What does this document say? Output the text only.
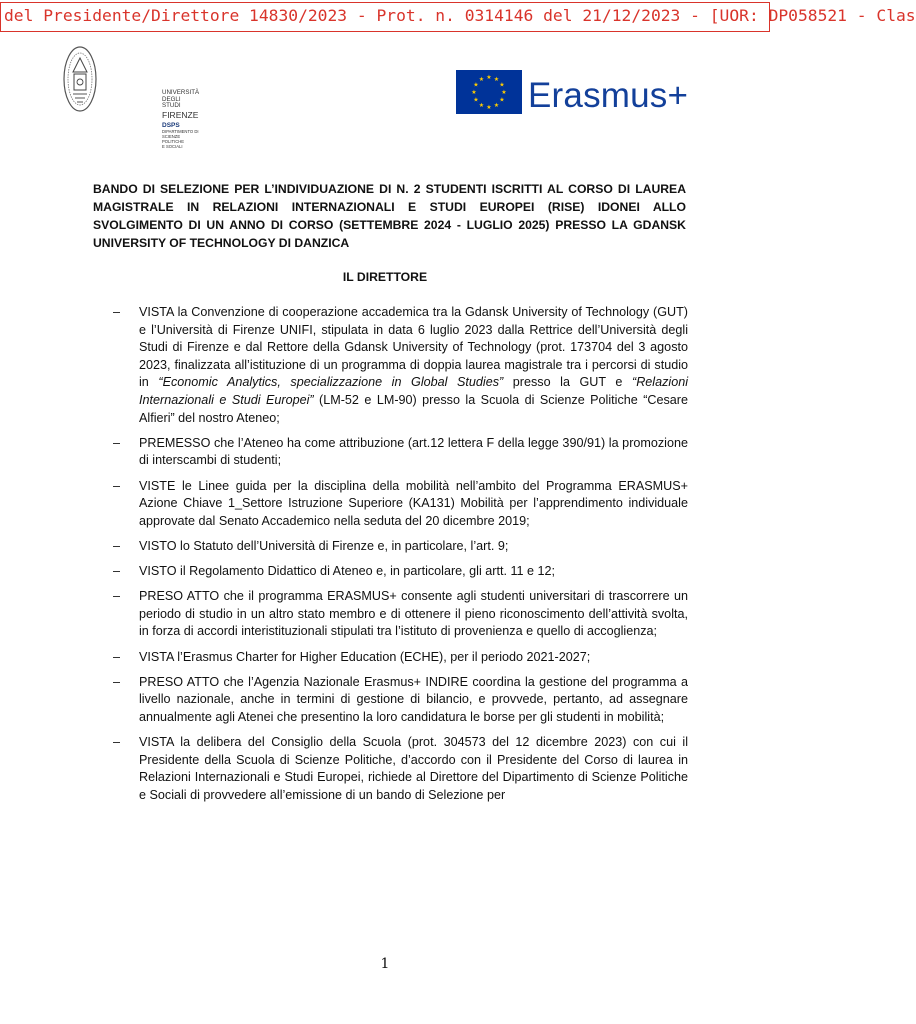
del Presidente/Direttore 14830/2023 - Prot. n. 0314146 del 21/12/2023 - [UOR: DP058521 - Clas
UNIVERSITÀ
DEGLI STUDI
FIRENZE
DSPS
DIPARTIMENTO DI
SCIENZE POLITICHE
E SOCIALI
★ ★
★
★
★
★
★
★
★
★
★
★ Erasmus+
BANDO DI SELEZIONE PER L’INDIVIDUAZIONE DI N. 2 STUDENTI ISCRITTI AL CORSO DI LAUREA MAGISTRALE IN RELAZIONI INTERNAZIONALI E STUDI EUROPEI (RISE) IDONEI ALLO SVOLGIMENTO DI UN ANNO DI CORSO (SETTEMBRE 2024 - LUGLIO 2025) PRESSO LA GDANSK UNIVERSITY OF TECHNOLOGY DI DANZICA
IL DIRETTORE
– VISTA la Convenzione di cooperazione accademica tra la Gdansk University of Technology (GUT) e l’Università di Firenze UNIFI, stipulata in data 6 luglio 2023 dalla Rettrice dell’Università degli Studi di Firenze e dal Rettore della Gdansk University of Technology (prot. 173704 del 3 agosto 2023, finalizzata all’istituzione di un programma di doppia laurea magistrale tra i percorsi di studio in “Economic Analytics, specializzazione in Global Studies” presso la GUT e “Relazioni Internazionali e Studi Europei” (LM-52 e LM-90) presso la Scuola di Scienze Politiche “Cesare Alfieri” del nostro Ateneo;
– PREMESSO che l’Ateneo ha come attribuzione (art.12 lettera F della legge 390/91) la promozione di interscambi di studenti;
– VISTE le Linee guida per la disciplina della mobilità nell’ambito del Programma ERASMUS+ Azione Chiave 1_Settore Istruzione Superiore (KA131) Mobilità per l’apprendimento individuale approvate dal Senato Accademico nella seduta del 20 dicembre 2019;
– VISTO lo Statuto dell’Università di Firenze e, in particolare, l’art. 9;
– VISTO il Regolamento Didattico di Ateneo e, in particolare, gli artt. 11 e 12;
– PRESO ATTO che il programma ERASMUS+ consente agli studenti universitari di trascorrere un periodo di studio in un altro stato membro e di ottenere il pieno riconoscimento dell’attività svolta, in forza di accordi interistituzionali stipulati tra l’istituto di provenienza e quello di accoglienza;
– VISTA l’Erasmus Charter for Higher Education (ECHE), per il periodo 2021-2027;
– PRESO ATTO che l’Agenzia Nazionale Erasmus+ INDIRE coordina la gestione del programma a livello nazionale, anche in termini di gestione di bilancio, e provvede, pertanto, ad assegnare annualmente agli Atenei che presentino la loro candidatura le borse per gli studenti in mobilità;
– VISTA la delibera del Consiglio della Scuola (prot. 304573 del 12 dicembre 2023) con cui il Presidente della Scuola di Scienze Politiche, d’accordo con il Presidente del Corso di laurea in Relazioni Internazionali e Studi Europei, richiede al Direttore del Dipartimento di Scienze Politiche e Sociali di provvedere all’emissione di un bando di Selezione per
1
